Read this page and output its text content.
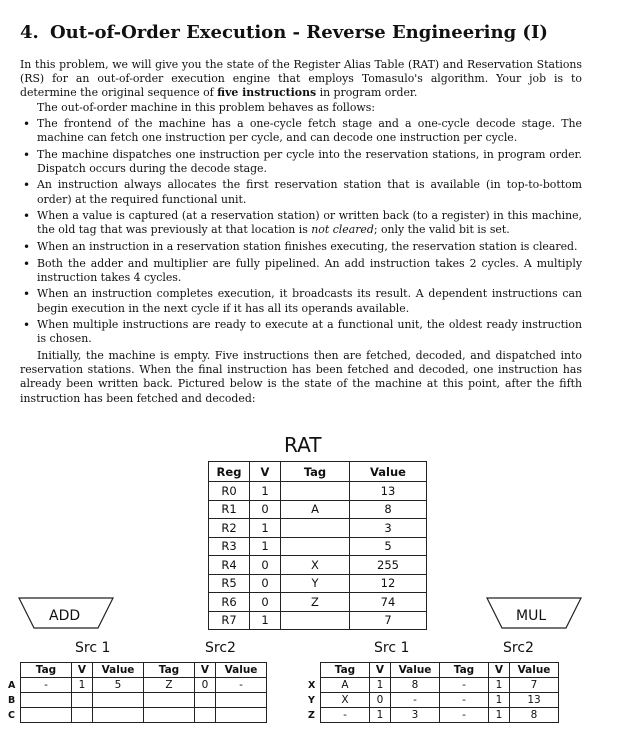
4. Out-of-Order Execution - Reverse Engineering (I)

In this problem, we will give you the state of the Register Alias Table (RAT) and Reservation Stations (RS) for an out-of-order execution engine that employs Tomasulo's algorithm. Your job is to determine the original sequence of five instructions in program order.

The out-of-order machine in this problem behaves as follows:

• The frontend of the machine has a one-cycle fetch stage and a one-cycle decode stage. The machine can fetch one instruction per cycle, and can decode one instruction per cycle.
• The machine dispatches one instruction per cycle into the reservation stations, in program order. Dispatch occurs during the decode stage.
• An instruction always allocates the first reservation station that is available (in top-to-bottom order) at the required functional unit.
• When a value is captured (at a reservation station) or written back (to a register) in this machine, the old tag that was previously at that location is not cleared; only the valid bit is set.
• When an instruction in a reservation station finishes executing, the reservation station is cleared.
• Both the adder and multiplier are fully pipelined. An add instruction takes 2 cycles. A multiply instruction takes 4 cycles.
• When an instruction completes execution, it broadcasts its result. A dependent instructions can begin execution in the next cycle if it has all its operands available.
• When multiple instructions are ready to execute at a functional unit, the oldest ready instruction is chosen.

Initially, the machine is empty. Five instructions then are fetched, decoded, and dispatched into reservation stations. When the final instruction has been fetched and decoded, one instruction has already been written back. Pictured below is the state of the machine at this point, after the fifth instruction has been fetched and decoded:

RAT
Reg	V	Tag	Value
R0	1		13
R1	0	A	8
R2	1		3
R3	1		5
R4	0	X	255
R5	0	Y	12
R6	0	Z	74
R7	1		7
ADD	MUL
Src 1	Src2	Src 1	Src2
	Tag	V	Value	Tag	V	Value
A	-	1	5	Z	0	-
B						
C						
	Tag	V	Value	Tag	V	Value
X	A	1	8	-	1	7
Y	X	0	-	-	1	13
Z	-	1	3	-	1	8
